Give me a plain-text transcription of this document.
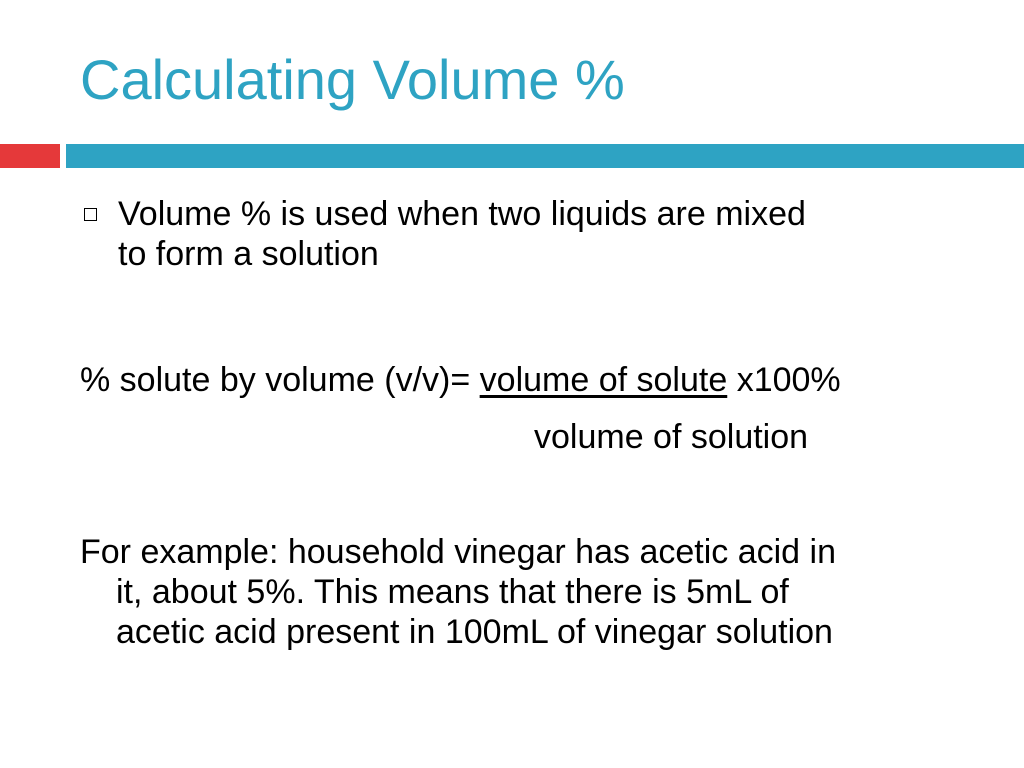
Calculating Volume %
Volume % is used when two liquids are mixed
to form a solution
% solute by volume (v/v)= volume of solute x100%
volume of solution
For example: household vinegar has acetic acid in
it, about 5%. This means that there is 5mL of
acetic acid present in 100mL of vinegar solution
